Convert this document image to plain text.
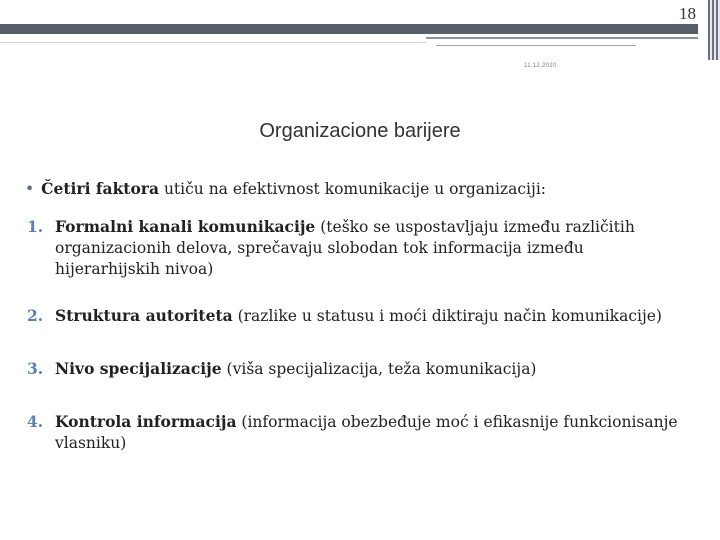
18
11.12.2020.
Organizacione barijere
• Četiri faktora utiču na efektivnost komunikacije u organizaciji:
1. Formalni kanali komunikacije (teško se uspostavljaju između različitih organizacionih delova, sprečavaju slobodan tok informacija između hijerarhijskih nivoa)
2. Struktura autoriteta (razlike u statusu i moći diktiraju način komunikacije)
3. Nivo specijalizacije (viša specijalizacija, teža komunikacija)
4. Kontrola informacija (informacija obezbeđuje moć i efikasnije funkcionisanje vlasniku)
